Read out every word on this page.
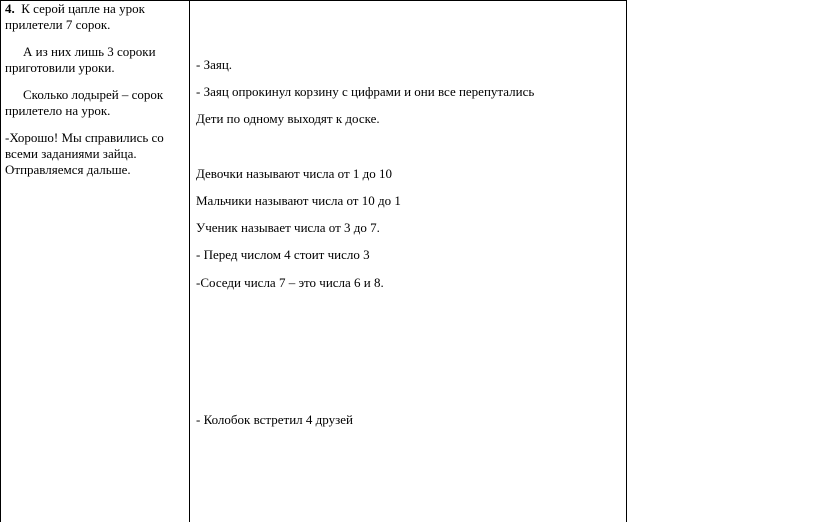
4. К серой цапле на урок прилетели 7 сорок.

А из них лишь 3 сороки приготовили уроки.

Сколько лодырей – сорок прилетело на урок.

-Хорошо! Мы справились со всеми заданиями зайца. Отправляемся дальше.

- Заяц.
- Заяц опрокинул корзину с цифрами и они все перепутались
Дети по одному выходят к доске.
Девочки называют числа от 1 до 10
Мальчики называют числа от 10 до 1
Ученик называет числа от 3 до 7.
- Перед числом 4 стоит число 3
-Соседи числа 7 – это числа 6 и 8.
- Колобок встретил 4 друзей
